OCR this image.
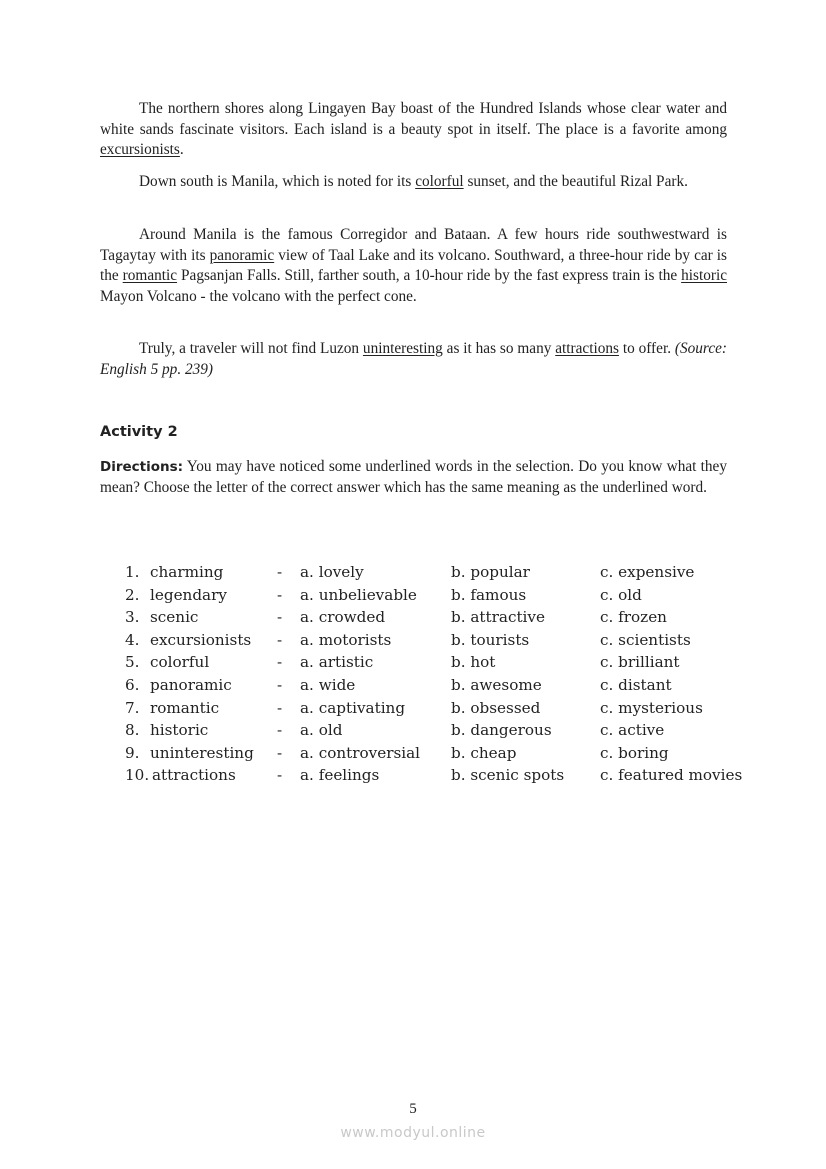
The northern shores along Lingayen Bay boast of the Hundred Islands whose clear water and white sands fascinate visitors. Each island is a beauty spot in itself. The place is a favorite among excursionists.

Down south is Manila, which is noted for its colorful sunset, and the beautiful Rizal Park.

Around Manila is the famous Corregidor and Bataan. A few hours ride southwestward is Tagaytay with its panoramic view of Taal Lake and its volcano. Southward, a three-hour ride by car is the romantic Pagsanjan Falls. Still, farther south, a 10-hour ride by the fast express train is the historic Mayon Volcano - the volcano with the perfect cone.

Truly, a traveler will not find Luzon uninteresting as it has so many attractions to offer. (Source: English 5 pp. 239)

Activity 2

Directions: You may have noticed some underlined words in the selection. Do you know what they mean? Choose the letter of the correct answer which has the same meaning as the underlined word.

1. charming	- a. lovely	b. popular	c. expensive
2. legendary	- a. unbelievable b. famous	c. old
3. scenic	- a. crowded	b. attractive	c. frozen
4. excursionists - a. motorists	b. tourists	c. scientists
5. colorful	- a. artistic	b. hot	c. brilliant
6. panoramic	- a. wide	b. awesome	c. distant
7. romantic	- a. captivating	b. obsessed	c. mysterious
8. historic	- a. old	b. dangerous	c. active
9. uninteresting - a. controversial b. cheap	c. boring
10. attractions	- a. feelings	b. scenic spots c. featured movies
5
www.modyul.online
